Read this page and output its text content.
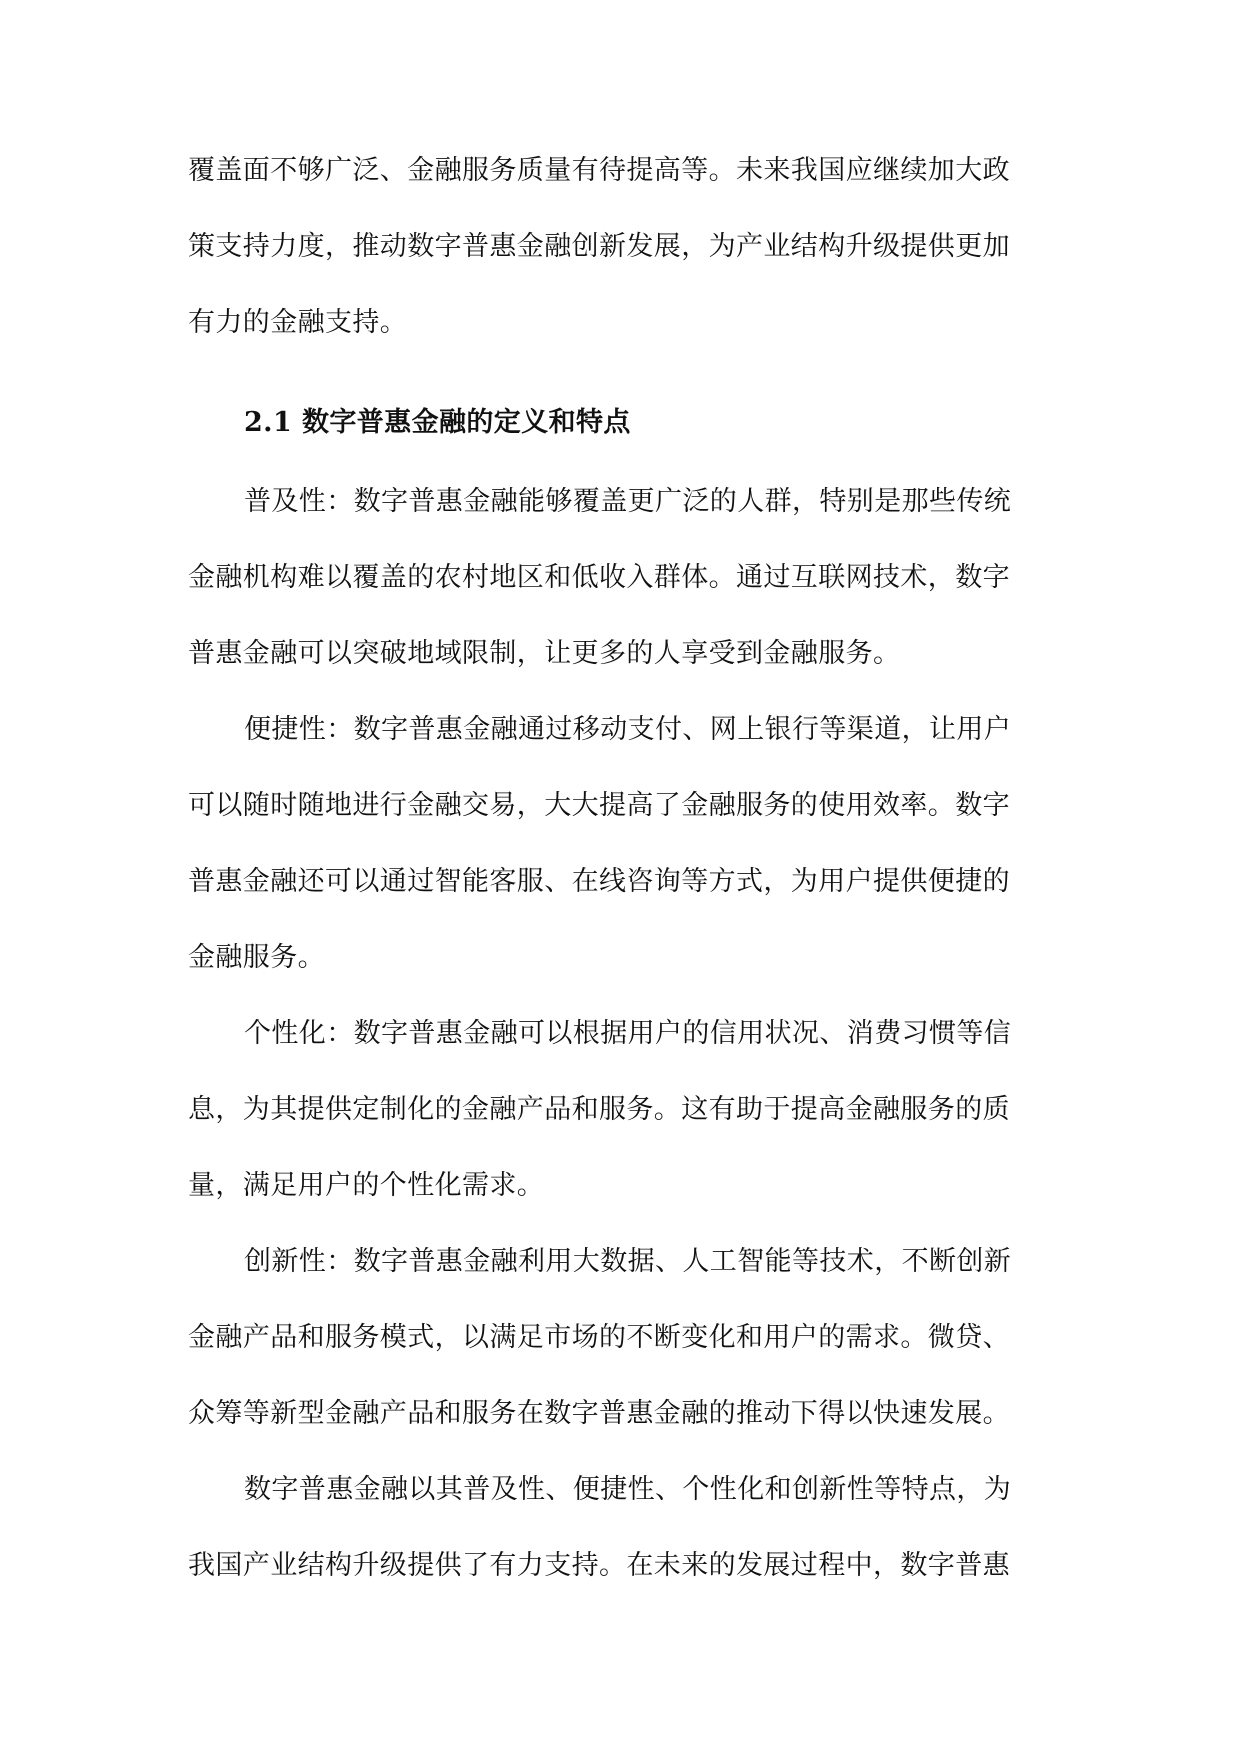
覆盖面不够广泛、金融服务质量有待提高等。未来我国应继续加大政
策支持力度，推动数字普惠金融创新发展，为产业结构升级提供更加
有力的金融支持。
2.1 数字普惠金融的定义和特点
普及性：数字普惠金融能够覆盖更广泛的人群，特别是那些传统
金融机构难以覆盖的农村地区和低收入群体。通过互联网技术，数字
普惠金融可以突破地域限制，让更多的人享受到金融服务。
便捷性：数字普惠金融通过移动支付、网上银行等渠道，让用户
可以随时随地进行金融交易，大大提高了金融服务的使用效率。数字
普惠金融还可以通过智能客服、在线咨询等方式，为用户提供便捷的
金融服务。
个性化：数字普惠金融可以根据用户的信用状况、消费习惯等信
息，为其提供定制化的金融产品和服务。这有助于提高金融服务的质
量，满足用户的个性化需求。
创新性：数字普惠金融利用大数据、人工智能等技术，不断创新
金融产品和服务模式，以满足市场的不断变化和用户的需求。微贷、
众筹等新型金融产品和服务在数字普惠金融的推动下得以快速发展。
数字普惠金融以其普及性、便捷性、个性化和创新性等特点，为
我国产业结构升级提供了有力支持。在未来的发展过程中，数字普惠
